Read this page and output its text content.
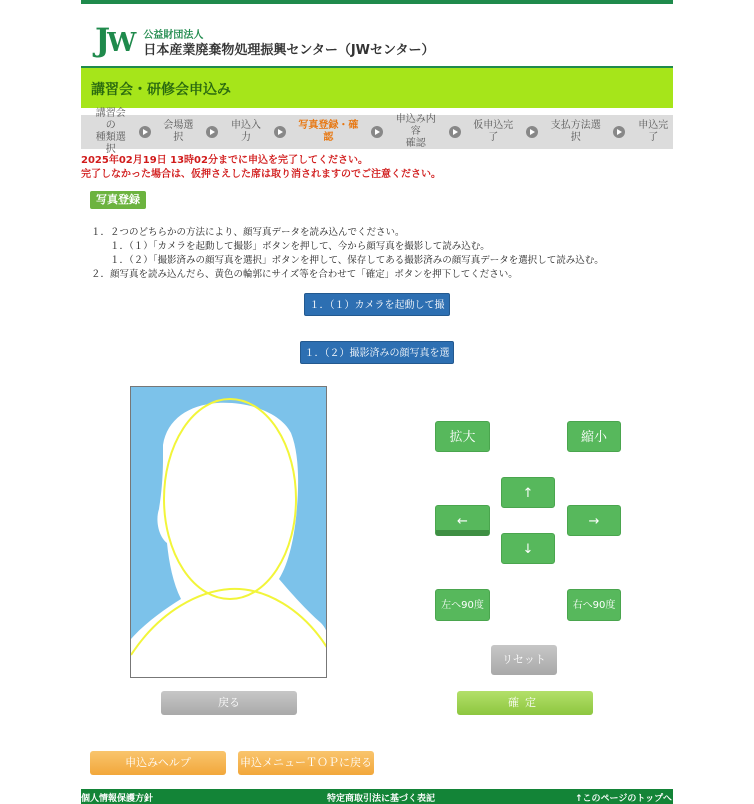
JW 公益財団法人
日本産業廃棄物処理振興センター（JWセンター）
講習会・研修会申込み
講習会の
種類選択
会場選択
申込入力
写真登録・確認
申込み内容
確認
仮申込完了
支払方法選択
申込完了
2025年02月19日 13時02分までに申込を完了してください。
完了しなかった場合は、仮押さえした席は取り消されますのでご注意ください。
写真登録
１．２つのどちらかの方法により、顔写真データを読み込んでください。
１．（１）「カメラを起動して撮影」ボタンを押して、今から顔写真を撮影して読み込む。
１．（２）「撮影済みの顔写真を選択」ボタンを押して、保存してある撮影済みの顔写真データを選択して読み込む。
２．顔写真を読み込んだら、黄色の輪郭にサイズ等を合わせて「確定」ボタンを押下してください。
１．（１）カメラを起動して撮影
１．（２）撮影済みの顔写真を選択
拡大	縮小
↑
←	→
↓
左へ90度	右へ90度
リセット
戻る	確定
申込みヘルプ	申込メニューＴＯＰに戻る
個人情報保護方針	特定商取引法に基づく表記	↑このページのトップへ
